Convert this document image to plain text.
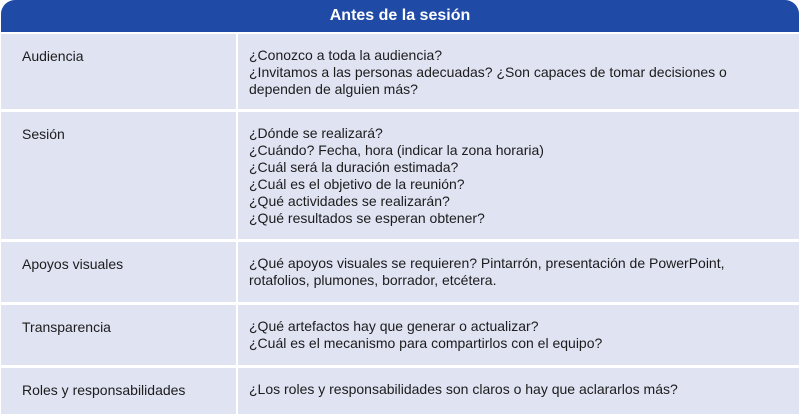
Antes de la sesión
Audiencia	¿Conozco a toda la audiencia?
¿Invitamos a las personas adecuadas? ¿Son capaces de tomar decisiones o
dependen de alguien más?
Sesión	¿Dónde se realizará?
¿Cuándo? Fecha, hora (indicar la zona horaria)
¿Cuál será la duración estimada?
¿Cuál es el objetivo de la reunión?
¿Qué actividades se realizarán?
¿Qué resultados se esperan obtener?
Apoyos visuales	¿Qué apoyos visuales se requieren? Pintarrón, presentación de PowerPoint,
rotafolios, plumones, borrador, etcétera.
Transparencia	¿Qué artefactos hay que generar o actualizar?
¿Cuál es el mecanismo para compartirlos con el equipo?
Roles y responsabilidades	¿Los roles y responsabilidades son claros o hay que aclararlos más?
